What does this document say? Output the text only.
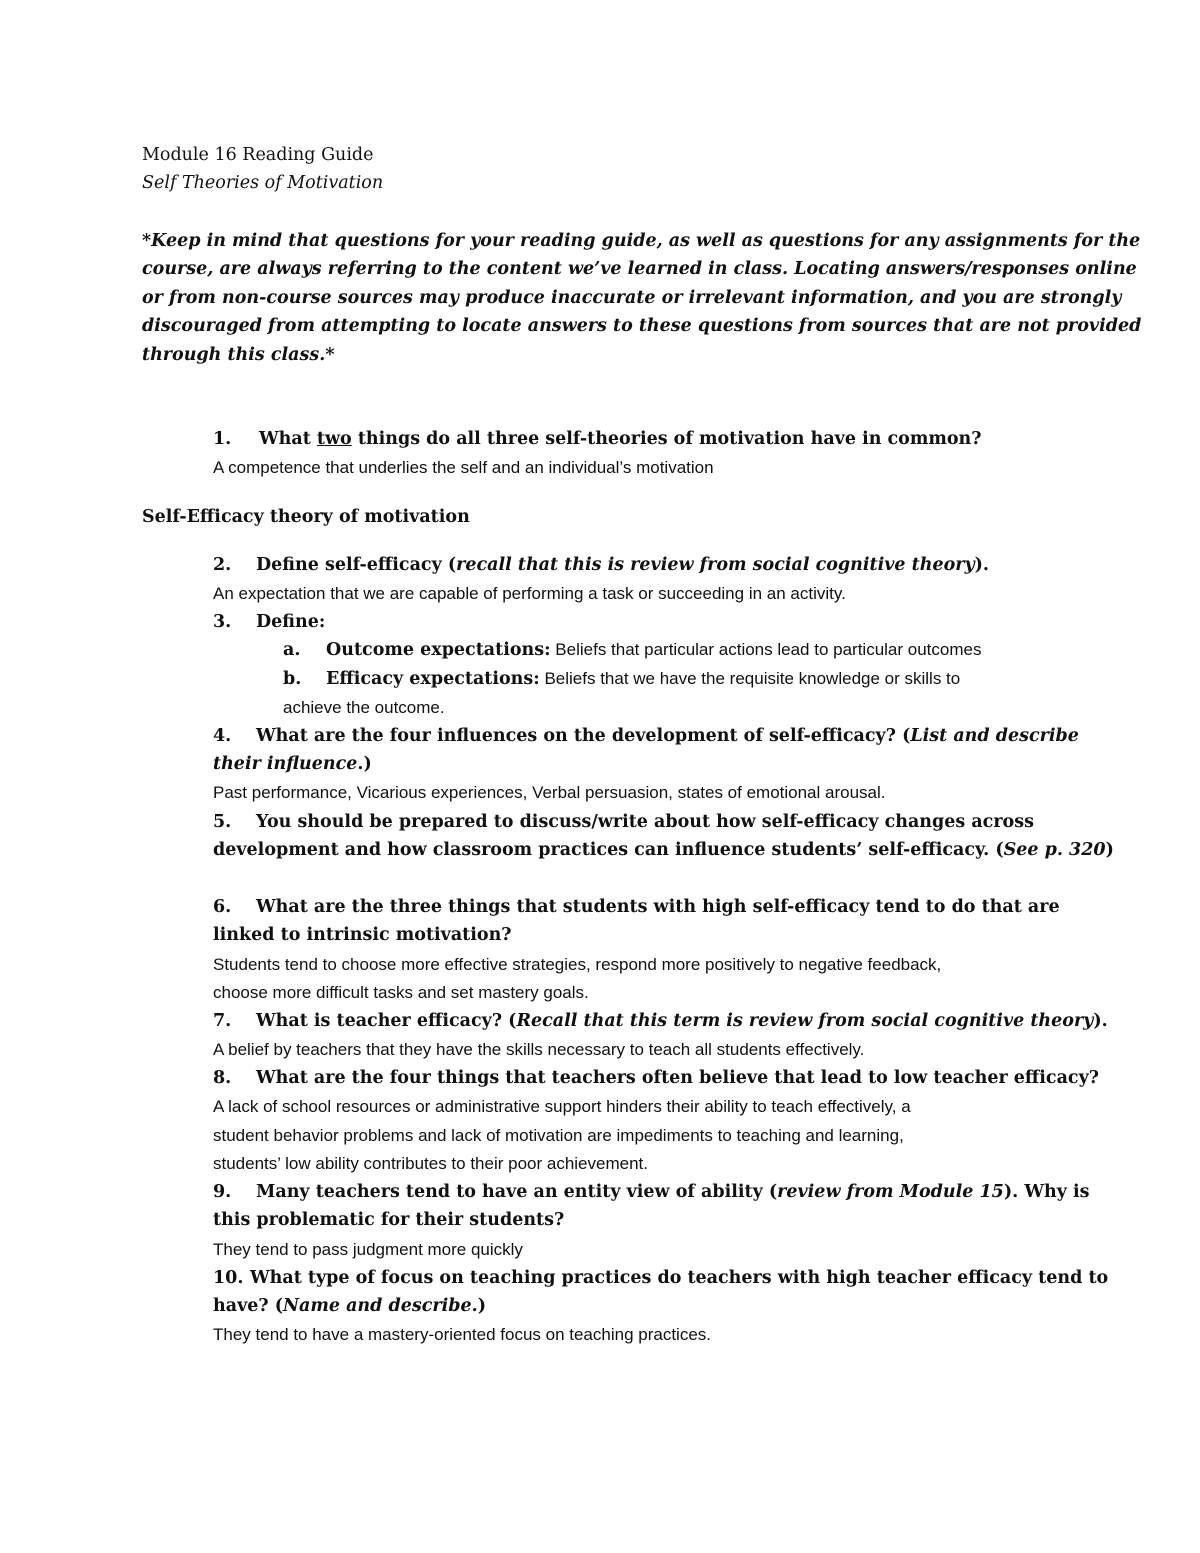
Module 16 Reading Guide
Self Theories of Motivation
*Keep in mind that questions for your reading guide, as well as questions for any assignments for the
course, are always referring to the content we’ve learned in class. Locating answers/responses online
or from non-course sources may produce inaccurate or irrelevant information, and you are strongly
discouraged from attempting to locate answers to these questions from sources that are not provided
through this class.*
1. What two things do all three self-theories of motivation have in common?
A competence that underlies the self and an individual’s motivation
Self-Efficacy theory of motivation
2. Define self-efficacy (recall that this is review from social cognitive theory).
An expectation that we are capable of performing a task or succeeding in an activity.
3. Define:
a. Outcome expectations: Beliefs that particular actions lead to particular outcomes
b. Efficacy expectations: Beliefs that we have the requisite knowledge or skills to
achieve the outcome.
4. What are the four influences on the development of self-efficacy? (List and describe
their influence.)
Past performance, Vicarious experiences, Verbal persuasion, states of emotional arousal.
5. You should be prepared to discuss/write about how self-efficacy changes across
development and how classroom practices can influence students’ self-efficacy. (See p. 320)
6. What are the three things that students with high self-efficacy tend to do that are
linked to intrinsic motivation?
Students tend to choose more effective strategies, respond more positively to negative feedback,
choose more difficult tasks and set mastery goals.
7. What is teacher efficacy? (Recall that this term is review from social cognitive theory).
A belief by teachers that they have the skills necessary to teach all students effectively.
8. What are the four things that teachers often believe that lead to low teacher efficacy?
A lack of school resources or administrative support hinders their ability to teach effectively, a
student behavior problems and lack of motivation are impediments to teaching and learning,
students’ low ability contributes to their poor achievement.
9. Many teachers tend to have an entity view of ability (review from Module 15). Why is
this problematic for their students?
They tend to pass judgment more quickly
10. What type of focus on teaching practices do teachers with high teacher efficacy tend to
have? (Name and describe.)
They tend to have a mastery-oriented focus on teaching practices.
